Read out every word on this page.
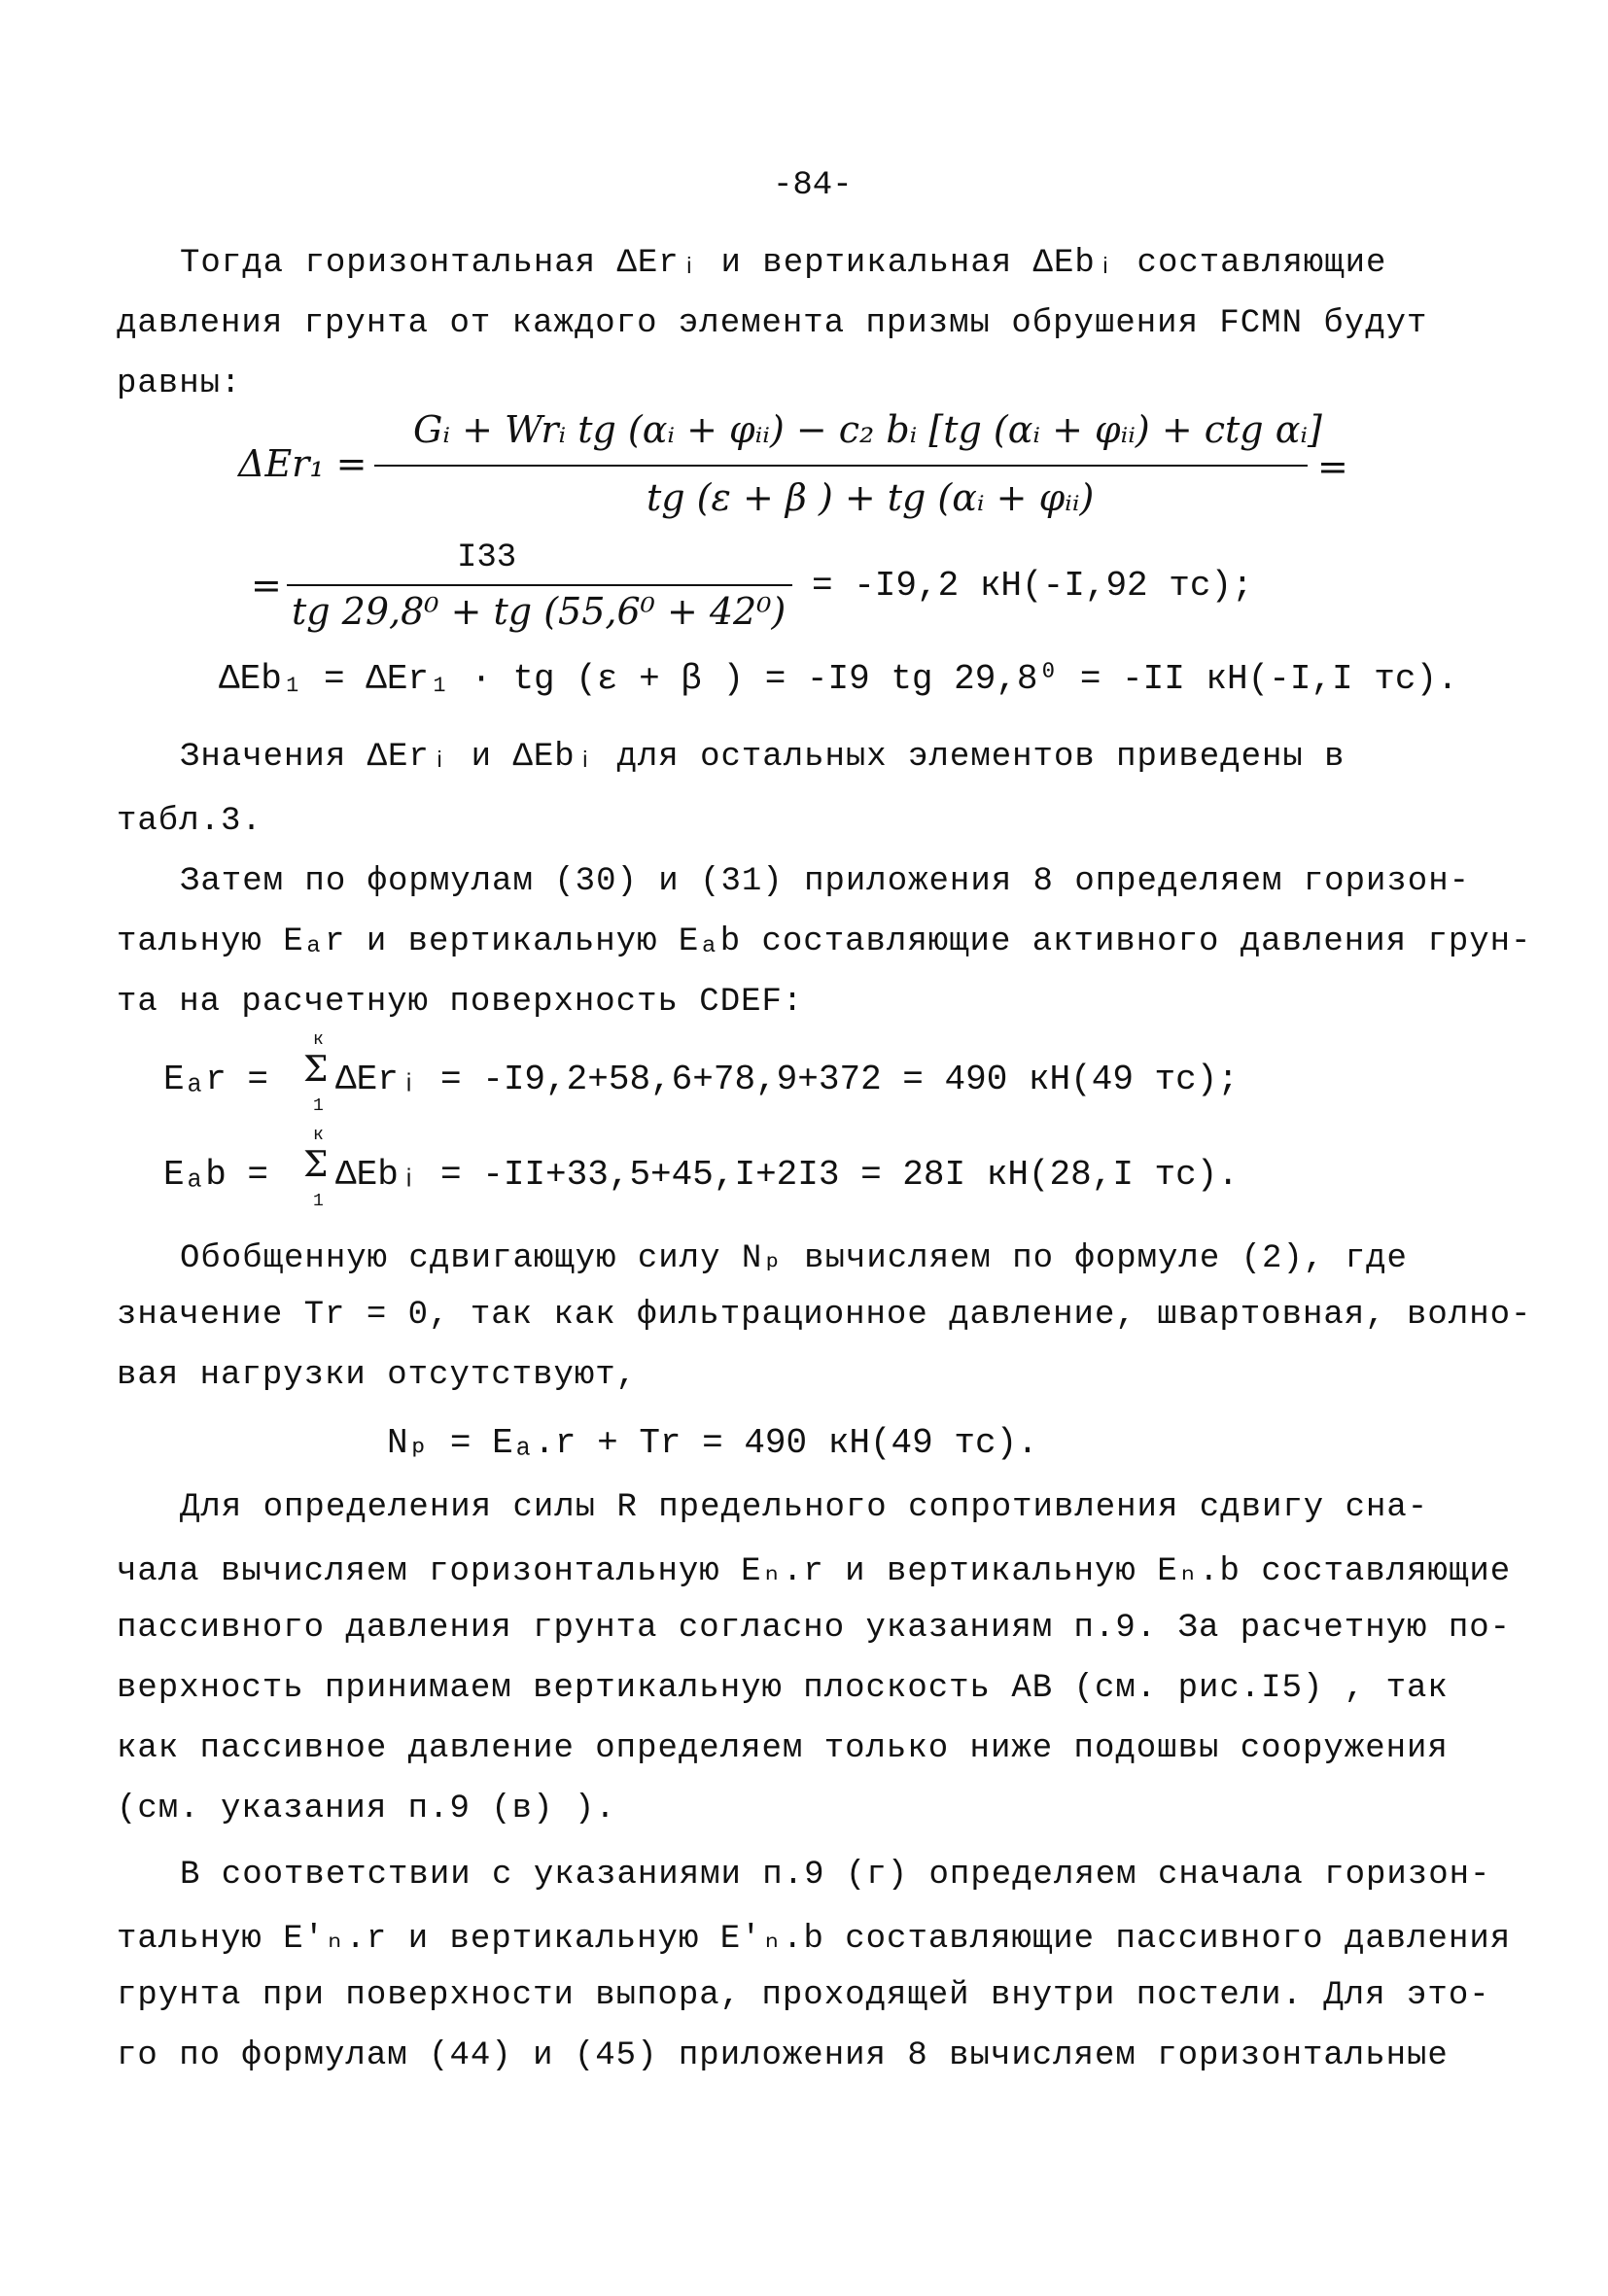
-84-
Тогда горизонтальная ΔErᵢ и вертикальная ΔEbᵢ составляющие
давления грунта от каждого элемента призмы обрушения FCMN будут
равны:
ΔEr₁ =
Gᵢ + Wrᵢ tg (αᵢ + φᵢᵢ) − c₂ bᵢ [tg (αᵢ + φᵢᵢ) + ctg αᵢ]
tg (ε + β ) + tg (αᵢ + φᵢᵢ)
=
=
I33
tg 29,8⁰ + tg (55,6⁰ + 42⁰)
= -I9,2 кН(-I,92 тс);
ΔEb₁ = ΔEr₁ · tg (ε + β ) = -I9 tg 29,8⁰ = -II кН(-I,I тс).
Значения ΔErᵢ и ΔEbᵢ для остальных элементов приведены в
табл.3.
Затем по формулам (30) и (31) приложения 8 определяем горизон-
тальную Eₐr и вертикальную Eₐb составляющие активного давления грун-
та на расчетную поверхность CDEF:
Eₐr =
к
Σ
1
ΔErᵢ = -I9,2+58,6+78,9+372 = 490 кН(49 тс);
Eₐb =
к
Σ
1
ΔEbᵢ = -II+33,5+45,I+2I3 = 28I кН(28,I тс).
Обобщенную сдвигающую силу Nₚ вычисляем по формуле (2), где
значение Tr = 0, так как фильтрационное давление, швартовная, волно-
вая нагрузки отсутствуют,
Nₚ = Eₐ.r + Tr = 490 кН(49 тс).
Для определения силы R предельного сопротивления сдвигу сна-
чала вычисляем горизонтальную Eₙ.r и вертикальную Eₙ.b составляющие
пассивного давления грунта согласно указаниям п.9. За расчетную по-
верхность принимаем вертикальную плоскость AB (см. рис.I5) , так
как пассивное давление определяем только ниже подошвы сооружения
(см. указания п.9 (в) ).
В соответствии с указаниями п.9 (г) определяем сначала горизон-
тальную E'ₙ.r и вертикальную E'ₙ.b составляющие пассивного давления
грунта при поверхности выпора, проходящей внутри постели. Для это-
го по формулам (44) и (45) приложения 8 вычисляем горизонтальные
